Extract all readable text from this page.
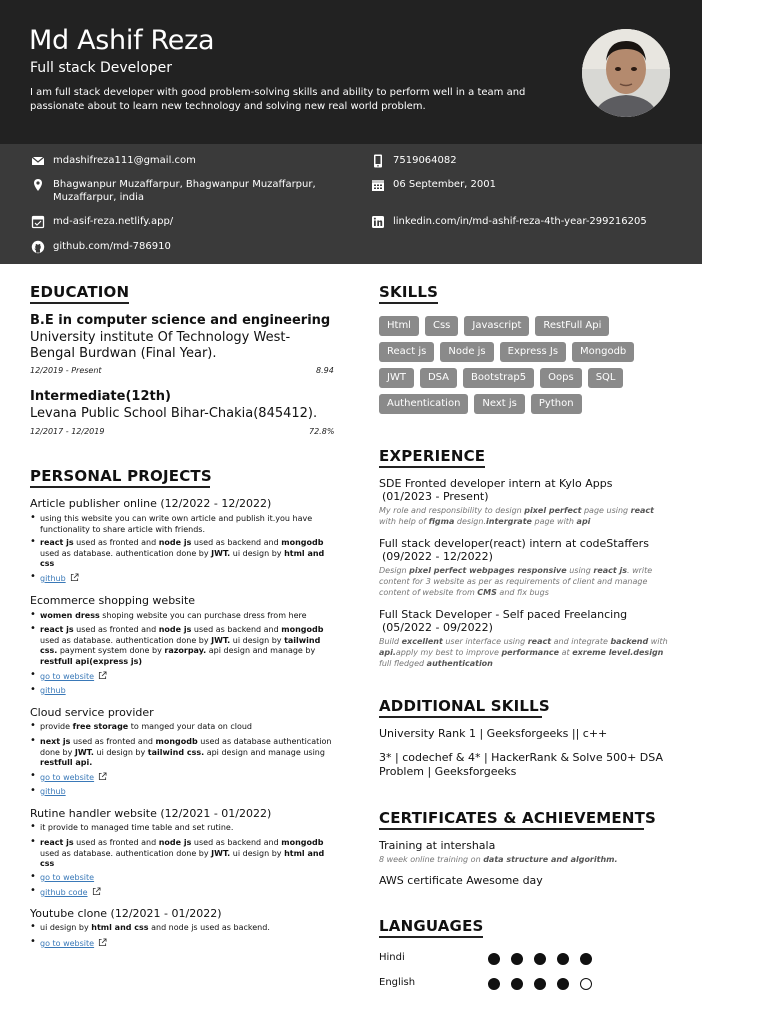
Md Ashif Reza
Full stack Developer
I am full stack developer with good problem-solving skills and ability to perform well in a team and passionate about to learn new technology and solving new real world problem.
mdashifreza111@gmail.com	7519064082
Bhagwanpur Muzaffarpur, Bhagwanpur Muzaffarpur, Muzaffarpur, india
06 September, 2001
md-asif-reza.netlify.app/	linkedin.com/in/md-ashif-reza-4th-year-299216205
github.com/md-786910
EDUCATION
B.E in computer science and engineering
University institute Of Technology West-Bengal Burdwan (Final Year).
12/2019 - Present	8.94
Intermediate(12th)
Levana Public School Bihar-Chakia(845412).
12/2017 - 12/2019	72.8%
PERSONAL PROJECTS
Article publisher online (12/2022 - 12/2022)
• using this website you can write own article and publish it.you have functionality to share article with friends.
• react js used as fronted and node js used as backend and mongodb used as database. authentication done by JWT. ui design by html and css
• github
Ecommerce shopping website
• women dress shoping website you can purchase dress from here
• react js used as fronted and node js used as backend and mongodb used as database. authentication done by JWT. ui design by tailwind css. payment system done by razorpay. api design and manage by restfull api(express js)
• go to website
• github
Cloud service provider
• provide free storage to manged your data on cloud
• next js used as fronted and mongodb used as database authentication done by JWT. ui design by tailwind css. api design and manage using restfull api.
• go to website
• github
Rutine handler website (12/2021 - 01/2022)
• it provide to managed time table and set rutine.
• react js used as fronted and node js used as backend and mongodb used as database. authentication done by JWT. ui design by html and css
• go to website
• github code
Youtube clone (12/2021 - 01/2022)
• ui design by html and css and node js used as backend.
• go to website
SKILLS
Html	Css	Javascript	RestFull Api
React js	Node js	Express Js	Mongodb
JWT	DSA	Bootstrap5	Oops	SQL
Authentication	Next js	Python
EXPERIENCE
SDE Fronted developer intern at Kylo Apps
(01/2023 - Present)
My role and responsibility to design pixel perfect page using react with help of figma design.intergrate page with api
Full stack developer(react) intern at codeStaffers
(09/2022 - 12/2022)
Design pixel perfect webpages responsive using react js. write content for 3 website as per as requirements of client and manage content of website from CMS and fix bugs
Full Stack Developer - Self paced Freelancing
(05/2022 - 09/2022)
Build excellent user interface using react and integrate backend with api.apply my best to improve performance at exreme level.design full fledged authentication
ADDITIONAL SKILLS
University Rank 1 | Geeksforgeeks || c++
3* | codechef & 4* | HackerRank & Solve 500+ DSA Problem | Geeksforgeeks
CERTIFICATES & ACHIEVEMENTS
Training at intershala
8 week online training on data structure and algorithm.
AWS certificate Awesome day
LANGUAGES
Hindi
English
